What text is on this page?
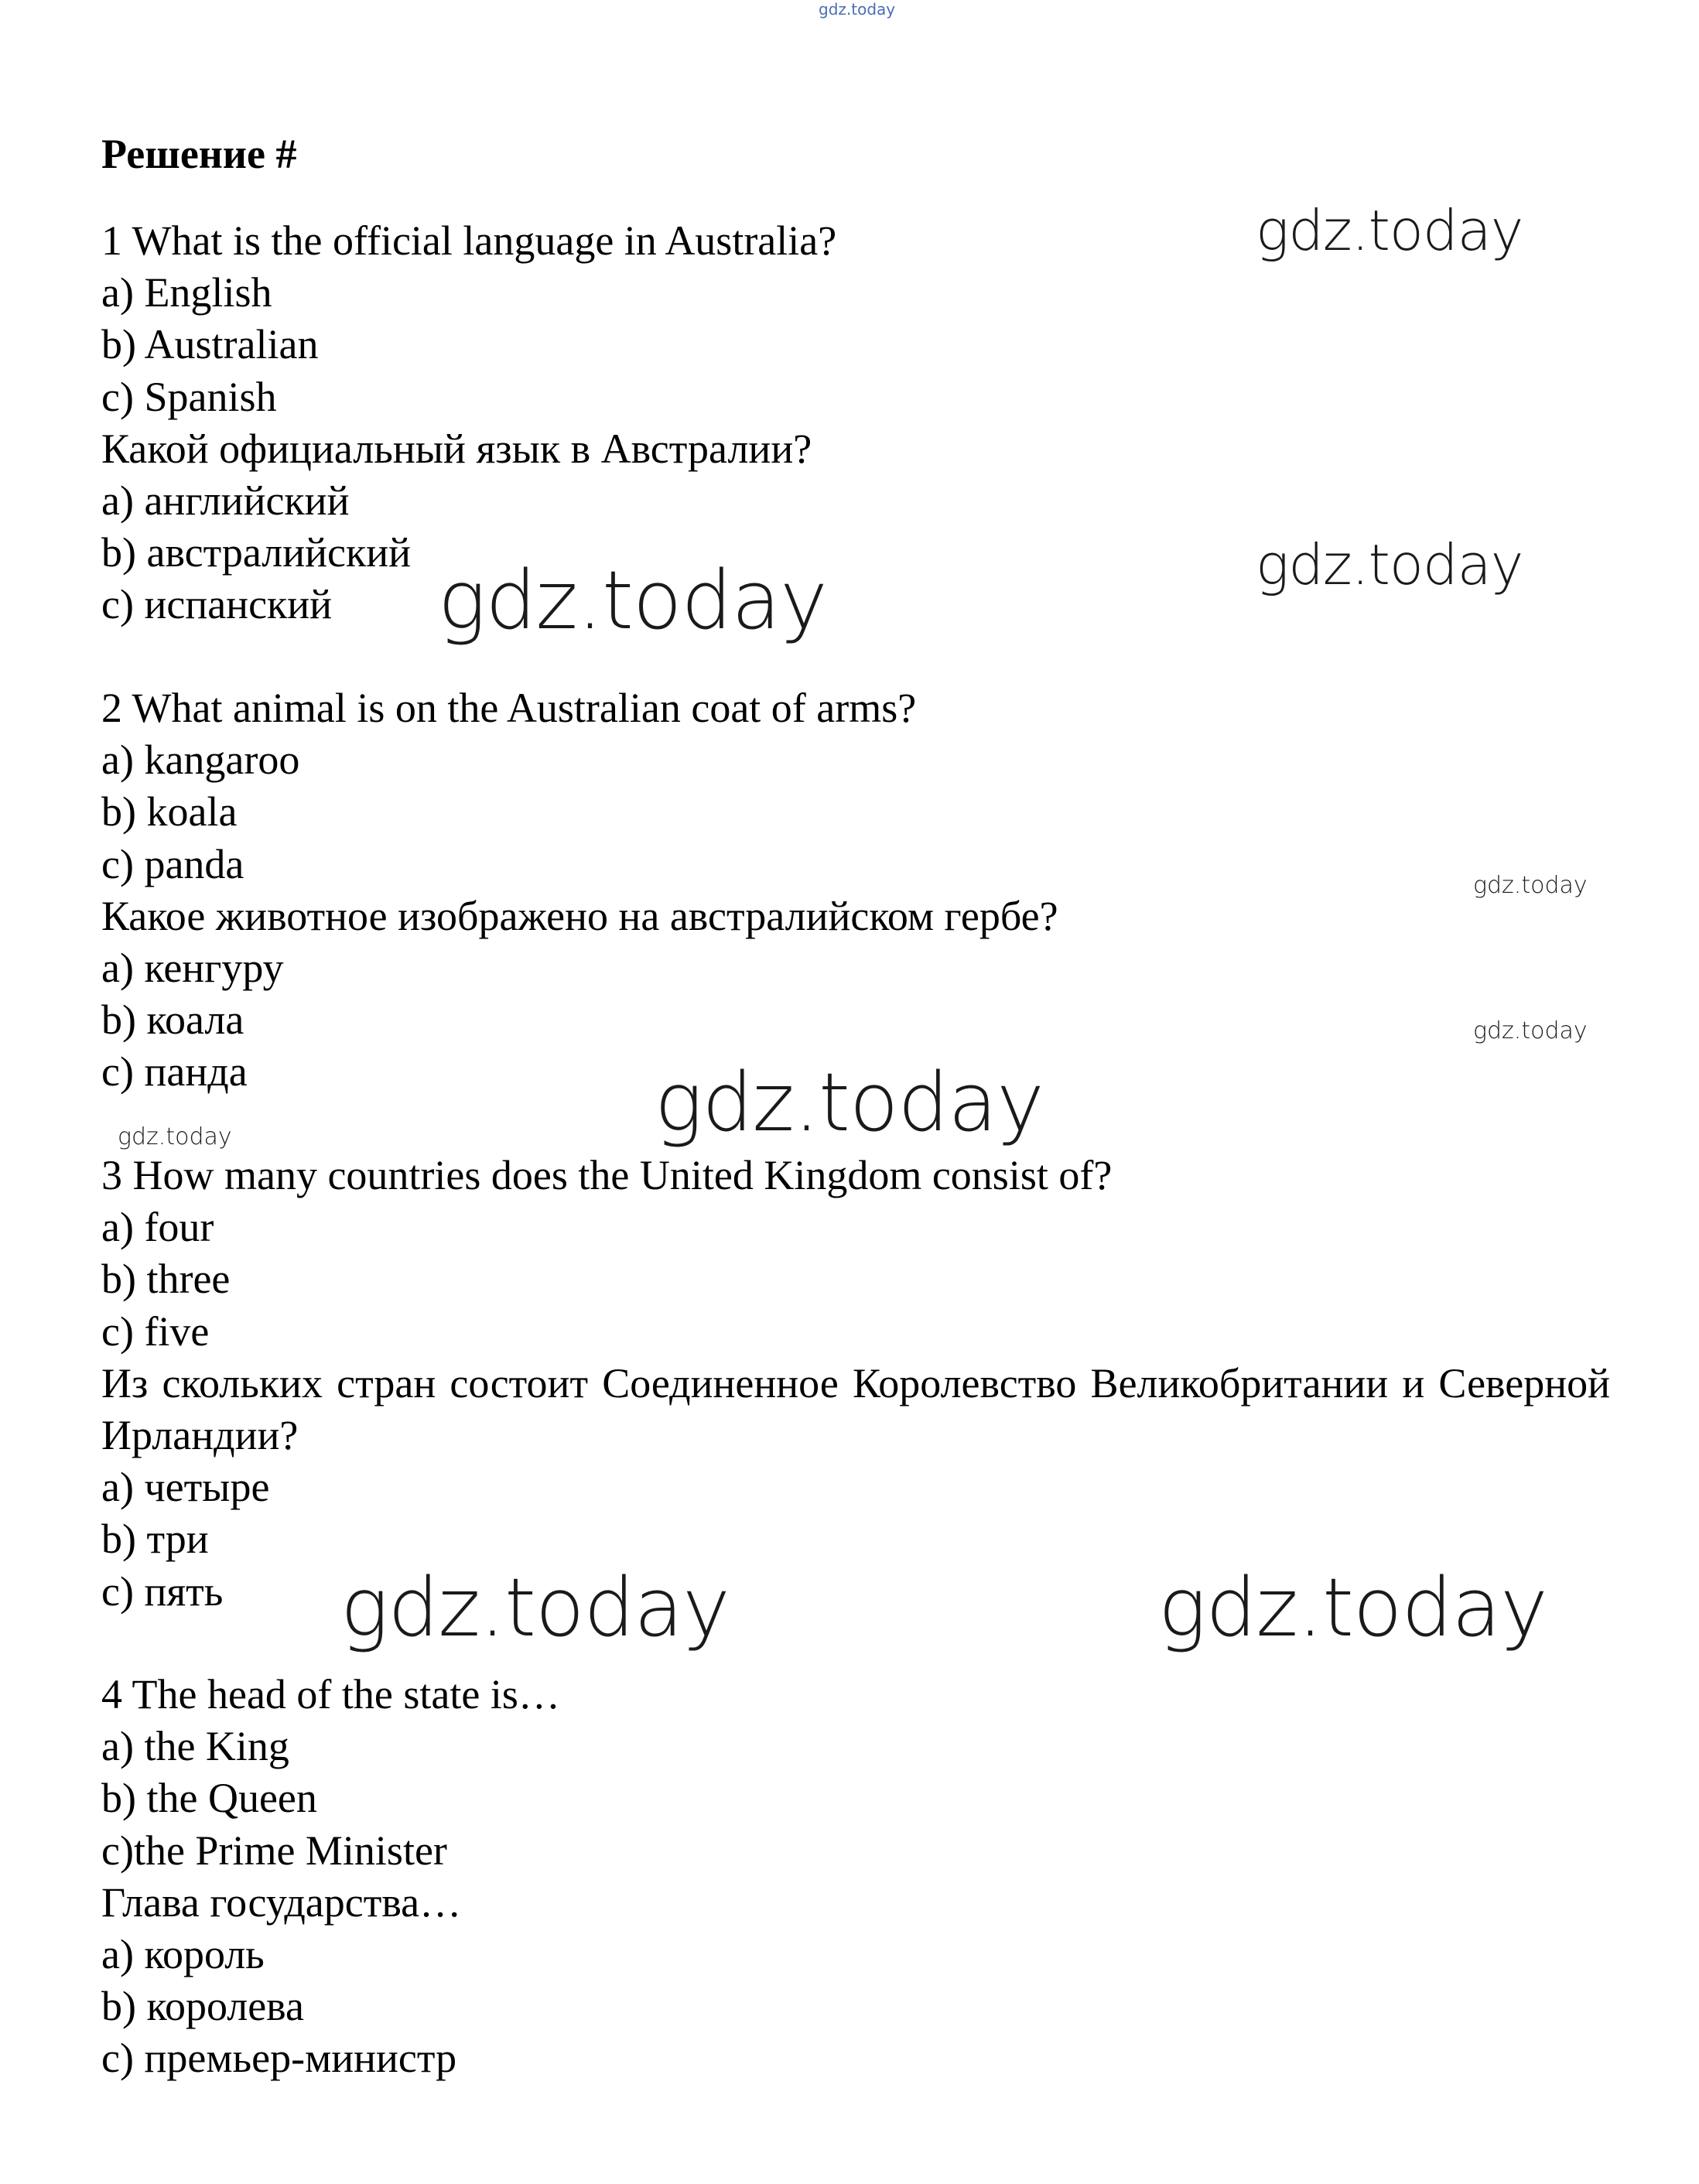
gdz.today
Решение #
1 What is the official language in Australia?
a) English
b) Australian
c) Spanish
Какой официальный язык в Австралии?
a) английский
b) австралийский
c) испанский
2 What animal is on the Australian coat of arms?
a) kangaroo
b) koala
c) panda
Какое животное изображено на австралийском гербе?
a) кенгуру
b) коала
c) панда
3 How many countries does the United Kingdom consist of?
a) four
b) three
c) five
Из скольких стран состоит Соединенное Королевство Великобритании и Северной Ирландии?
a) четыре
b) три
c) пять
4 The head of the state is…
a) the King
b) the Queen
c)the Prime Minister
Глава государства…
a) король
b) королева
c) премьер-министр
gdz.today
gdz.today
gdz.today
gdz.today
gdz.today
gdz.today	gdz.today
gdz.today	gdz.today
